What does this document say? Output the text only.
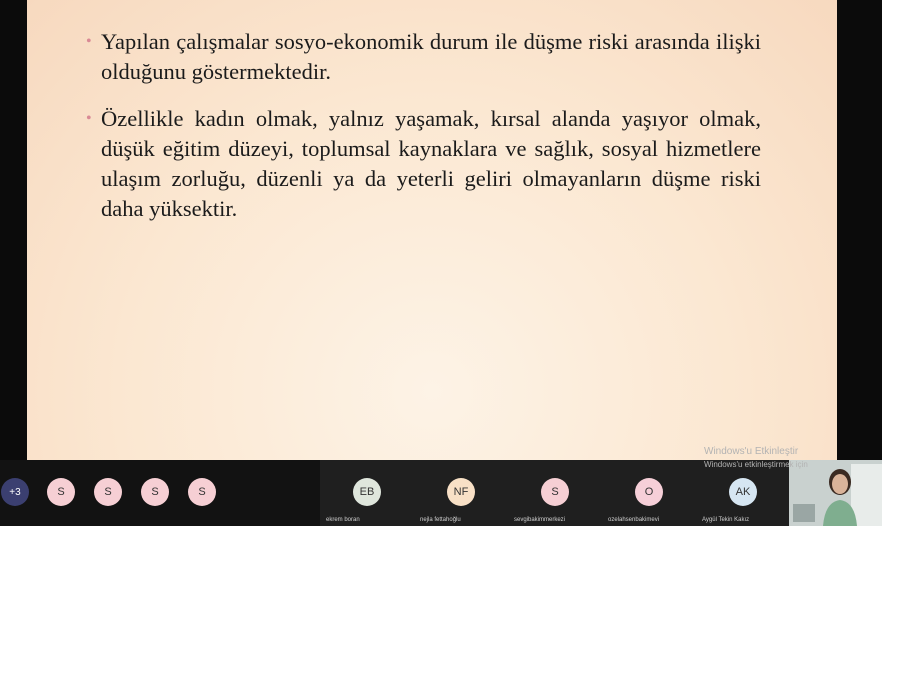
• Yapılan çalışmalar sosyo-ekonomik durum ile düşme riski arasında ilişki olduğunu göstermektedir.
• Özellikle kadın olmak, yalnız yaşamak, kırsal alanda yaşıyor olmak, düşük eğitim düzeyi, toplumsal kaynaklara ve sağlık, sosyal hizmetlere ulaşım zorluğu, düzenli ya da yeterli geliri olmayanların düşme riski daha yüksektir.
+3	S	S	S	S	EB
ekrem boran
NF
nejla fettahoğlu
S
sevgibakimmerkezi
O
ozelahsenbakimevi
AK
Aygül Tekin Kakız
Windows'u Etkinleştir
Windows'u etkinleştirmek için
